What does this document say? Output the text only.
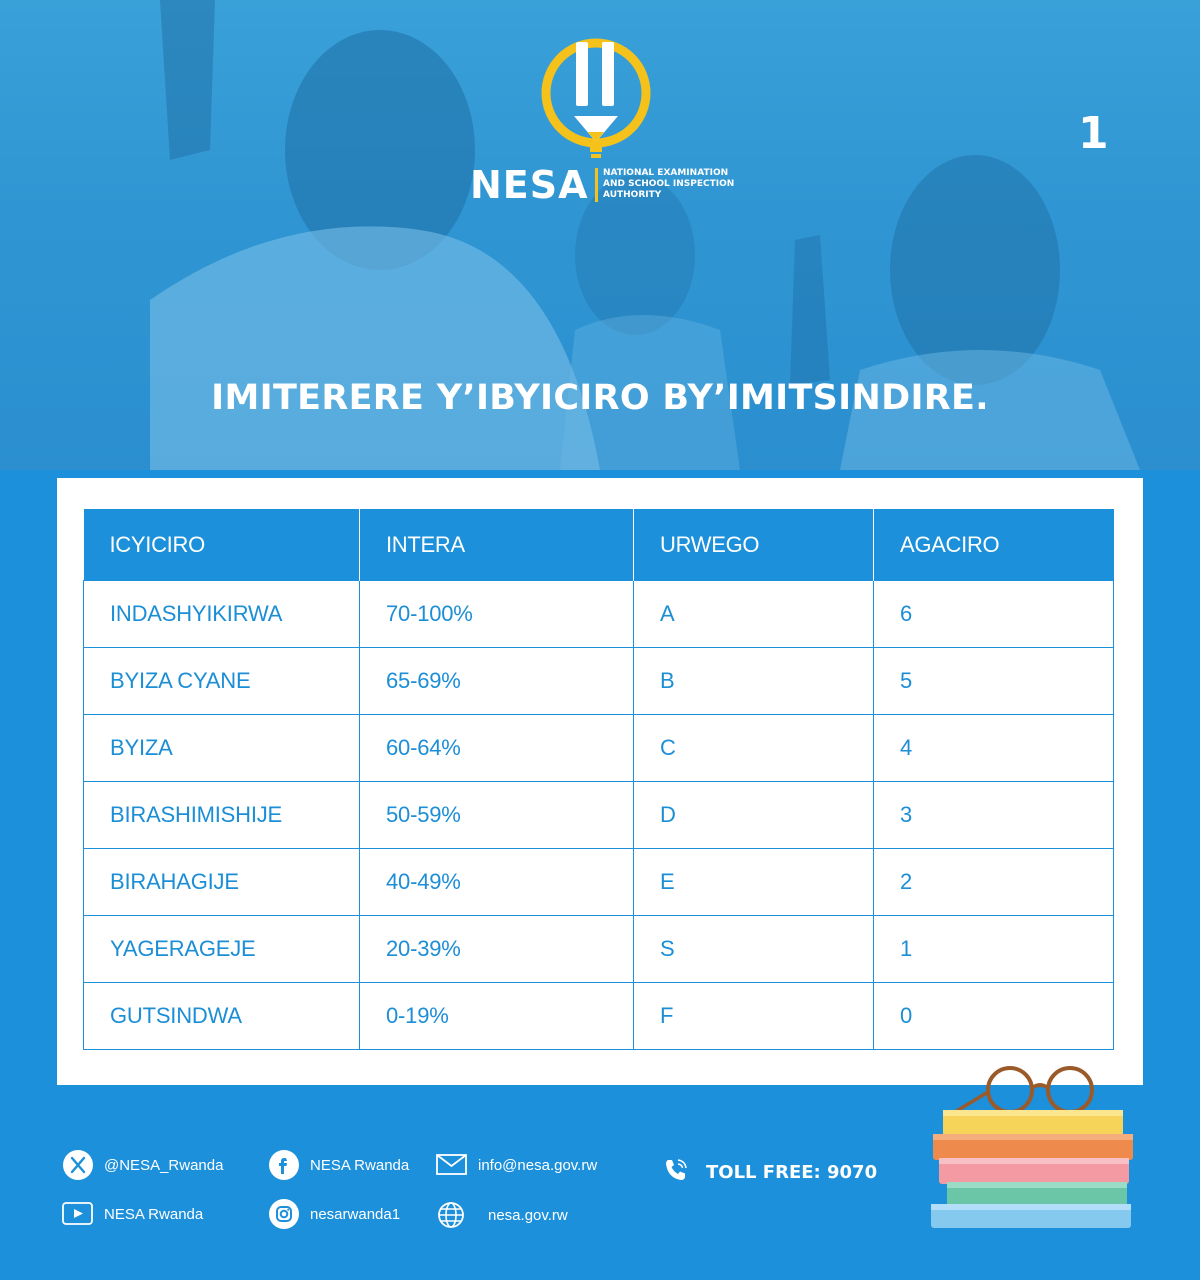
NESA NATIONAL EXAMINATION
AND SCHOOL INSPECTION
AUTHORITY
1
IMITERERE Y’IBYICIRO BY’IMITSINDIRE.
ICYICIRO	INTERA	URWEGO	AGACIRO
INDASHYIKIRWA	70-100%	A	6
BYIZA CYANE	65-69%	B	5
BYIZA	60-64%	C	4
BIRASHIMISHIJE	50-59%	D	3
BIRAHAGIJE	40-49%	E	2
YAGERAGEJE	20-39%	S	1
GUTSINDWA	0-19%	F	0
@NESA_Rwanda	NESA Rwanda	info@nesa.gov.rw
NESA Rwanda	nesarwanda1	nesa.gov.rw
TOLL FREE: 9070
